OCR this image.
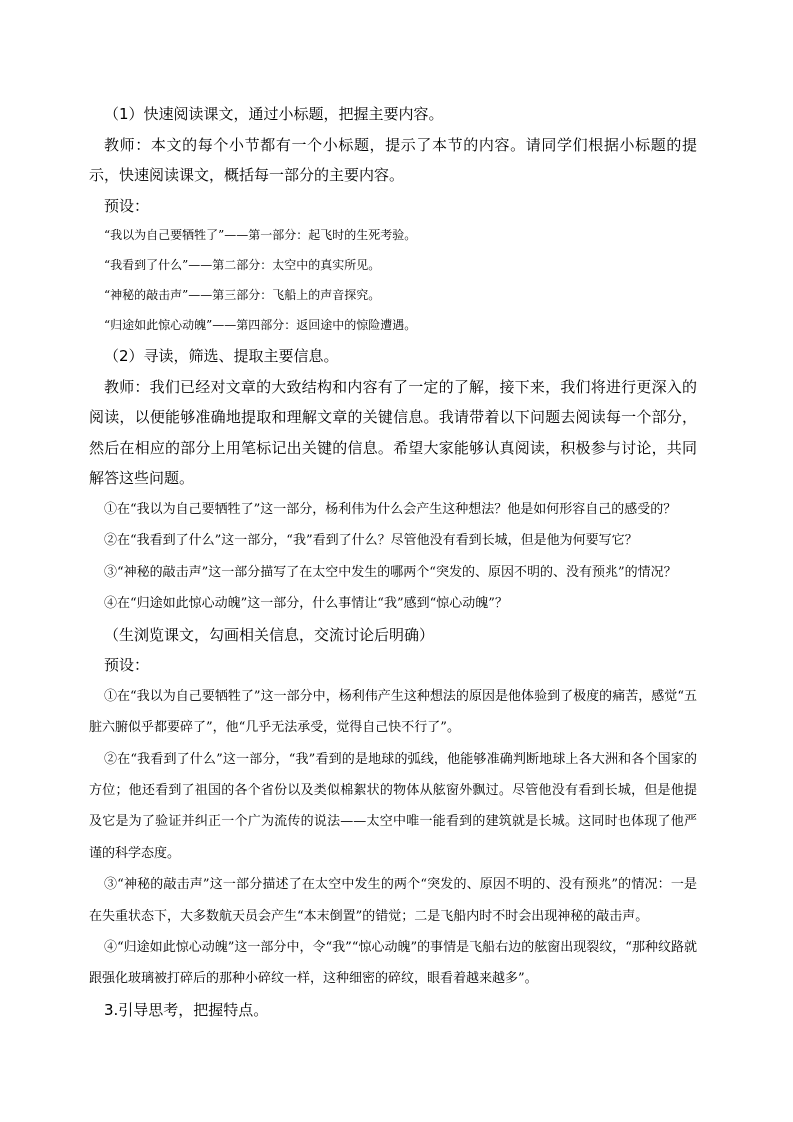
（1）快速阅读课文，通过小标题，把握主要内容。

教师：本文的每个小节都有一个小标题，提示了本节的内容。请同学们根据小标题的提示，快速阅读课文，概括每一部分的主要内容。

预设：

“我以为自己要牺牲了”——第一部分：起飞时的生死考验。

“我看到了什么”——第二部分：太空中的真实所见。

“神秘的敲击声”——第三部分：飞船上的声音探究。

“归途如此惊心动魄”——第四部分：返回途中的惊险遭遇。

（2）寻读，筛选、提取主要信息。

教师：我们已经对文章的大致结构和内容有了一定的了解，接下来，我们将进行更深入的阅读，以便能够准确地提取和理解文章的关键信息。我请带着以下问题去阅读每一个部分，然后在相应的部分上用笔标记出关键的信息。希望大家能够认真阅读，积极参与讨论，共同解答这些问题。

①在“我以为自己要牺牲了”这一部分，杨利伟为什么会产生这种想法？他是如何形容自己的感受的？

②在“我看到了什么”这一部分，“我”看到了什么？尽管他没有看到长城，但是他为何要写它？

③“神秘的敲击声”这一部分描写了在太空中发生的哪两个“突发的、原因不明的、没有预兆”的情况？

④在“归途如此惊心动魄”这一部分，什么事情让“我”感到“惊心动魄”？

（生浏览课文，勾画相关信息，交流讨论后明确）

预设：

①在“我以为自己要牺牲了”这一部分中，杨利伟产生这种想法的原因是他体验到了极度的痛苦，感觉“五脏六腑似乎都要碎了”，他“几乎无法承受，觉得自己快不行了”。

②在“我看到了什么”这一部分，“我”看到的是地球的弧线，他能够准确判断地球上各大洲和各个国家的方位；他还看到了祖国的各个省份以及类似棉絮状的物体从舷窗外飘过。尽管他没有看到长城，但是他提及它是为了验证并纠正一个广为流传的说法——太空中唯一能看到的建筑就是长城。这同时也体现了他严谨的科学态度。

③“神秘的敲击声”这一部分描述了在太空中发生的两个“突发的、原因不明的、没有预兆”的情况：一是在失重状态下，大多数航天员会产生“本末倒置”的错觉；二是飞船内时不时会出现神秘的敲击声。

④“归途如此惊心动魄”这一部分中，令“我”“惊心动魄”的事情是飞船右边的舷窗出现裂纹，“那种纹路就跟强化玻璃被打碎后的那种小碎纹一样，这种细密的碎纹，眼看着越来越多”。

3.引导思考，把握特点。
